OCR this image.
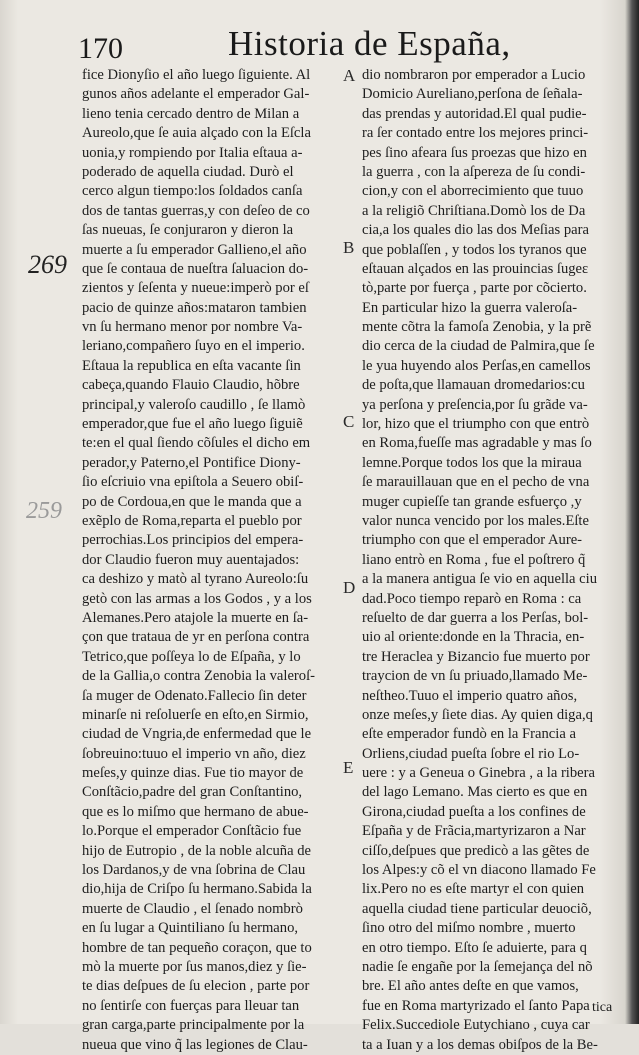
170	Historia de España,
269
259
A
B
C
D
E
fice Dionyſio el año luego ſiguiente. Al
gunos años adelante el emperador Gal-
lieno tenia cercado dentro de Milan a
Aureolo,que ſe auia alçado con la Eſcla
uonia,y rompiendo por Italia eſtaua a-
poderado de aquella ciudad. Durò el
cerco algun tiempo:los ſoldados canſa
dos de tantas guerras,y con deſeo de co
ſas nueuas, ſe conjuraron y dieron la
muerte a ſu emperador Gallieno,el año
que ſe contaua de nueſtra ſaluacion do-
zientos y ſeſenta y nueue:imperò por eſ
pacio de quinze años:mataron tambien
vn ſu hermano menor por nombre Va-
leriano,compañero ſuyo en el imperio.
Eſtaua la republica en eſta vacante ſin
cabeça,quando Flauio Claudio, hõbre
principal,y valeroſo caudillo , ſe llamò
emperador,que fue el año luego ſiguiẽ
te:en el qual ſiendo cõſules el dicho em
perador,y Paterno,el Pontifice Diony-
ſio eſcriuio vna epiſtola a Seuero obiſ-
po de Cordoua,en que le manda que a
exẽplo de Roma,reparta el pueblo por
perrochias.Los principios del empera-
dor Claudio fueron muy auentajados:
ca deshizo y matò al tyrano Aureolo:ſu
getò con las armas a los Godos , y a los
Alemanes.Pero atajole la muerte en ſa-
çon que trataua de yr en perſona contra
Tetrico,que poſſeya lo de Eſpaña, y lo
de la Gallia,o contra Zenobia la valeroſ-
ſa muger de Odenato.Fallecio ſin deter
minarſe ni reſoluerſe en eſto,en Sirmio,
ciudad de Vngria,de enfermedad que le
ſobreuino:tuuo el imperio vn año, diez
meſes,y quinze dias. Fue tio mayor de
Conſtãcio,padre del gran Conſtantino,
que es lo miſmo que hermano de abue-
lo.Porque el emperador Conſtãcio fue
hijo de Eutropio , de la noble alcuña de
los Dardanos,y de vna ſobrina de Clau
dio,hija de Criſpo ſu hermano.Sabida la
muerte de Claudio , el ſenado nombrò
en ſu lugar a Quintiliano ſu hermano,
hombre de tan pequeño coraçon, que to
mò la muerte por ſus manos,diez y ſie-
te dias deſpues de ſu elecion , parte por
no ſentirſe con fuerças para lleuar tan
gran carga,parte principalmente por la
nueua que vino q̃ las legiones de Clau-
dio nombraron por emperador a Lucio
Domicio Aureliano,perſona de ſeñala-
das prendas y autoridad.El qual pudie-
ra ſer contado entre los mejores princi-
pes ſino afeara ſus proezas que hizo en
la guerra , con la aſpereza de ſu condi-
cion,y con el aborrecimiento que tuuo
a la religiõ Chriſtiana.Domò los de Da
cia,a los quales dio las dos Meſias para
que poblaſſen , y todos los tyranos que
eſtauan alçados en las prouincias ſugeε
tò,parte por fuerça , parte por cõcierto.
En particular hizo la guerra valeroſa-
mente cõtra la famoſa Zenobia, y la prẽ
dio cerca de la ciudad de Palmira,que ſe
le yua huyendo alos Perſas,en camellos
de poſta,que llamauan dromedarios:cu
ya perſona y preſencia,por ſu grãde va-
lor, hizo que el triumpho con que entrò
en Roma,fueſſe mas agradable y mas ſo
lemne.Porque todos los que la miraua
ſe marauillauan que en el pecho de vna
muger cupieſſe tan grande esfuerço ,y
valor nunca vencido por los males.Eſte
triumpho con que el emperador Aure-
liano entrò en Roma , fue el poſtrero q̃
a la manera antigua ſe vio en aquella ciu
dad.Poco tiempo reparò en Roma : ca
reſuelto de dar guerra a los Perſas, bol-
uio al oriente:donde en la Thracia, en-
tre Heraclea y Bizancio fue muerto por
traycion de vn ſu priuado,llamado Me-
neſtheo.Tuuo el imperio quatro años,
onze meſes,y ſiete dias. Ay quien diga,q
eſte emperador fundò en la Francia a
Orliens,ciudad pueſta ſobre el rio Lo-
uere : y a Geneua o Ginebra , a la ribera
del lago Lemano. Mas cierto es que en
Girona,ciudad pueſta a los confines de
Eſpaña y de Frãcia,martyrizaron a Nar
ciſſo,deſpues que predicò a las gẽtes de
los Alpes:y cõ el vn diacono llamado Fe
lix.Pero no es eſte martyr el con quien
aquella ciudad tiene particular deuociõ,
ſino otro del miſmo nombre , muerto
en otro tiempo. Eſto ſe aduierte, para q
nadie ſe engañe por la ſemejança del nõ
bre. El año antes deſte en que vamos,
fue en Roma martyrizado el ſanto Papa
Felix.Succediole Eutychiano , cuya car
ta a Iuan y a los demas obiſpos de la Be-
tica
